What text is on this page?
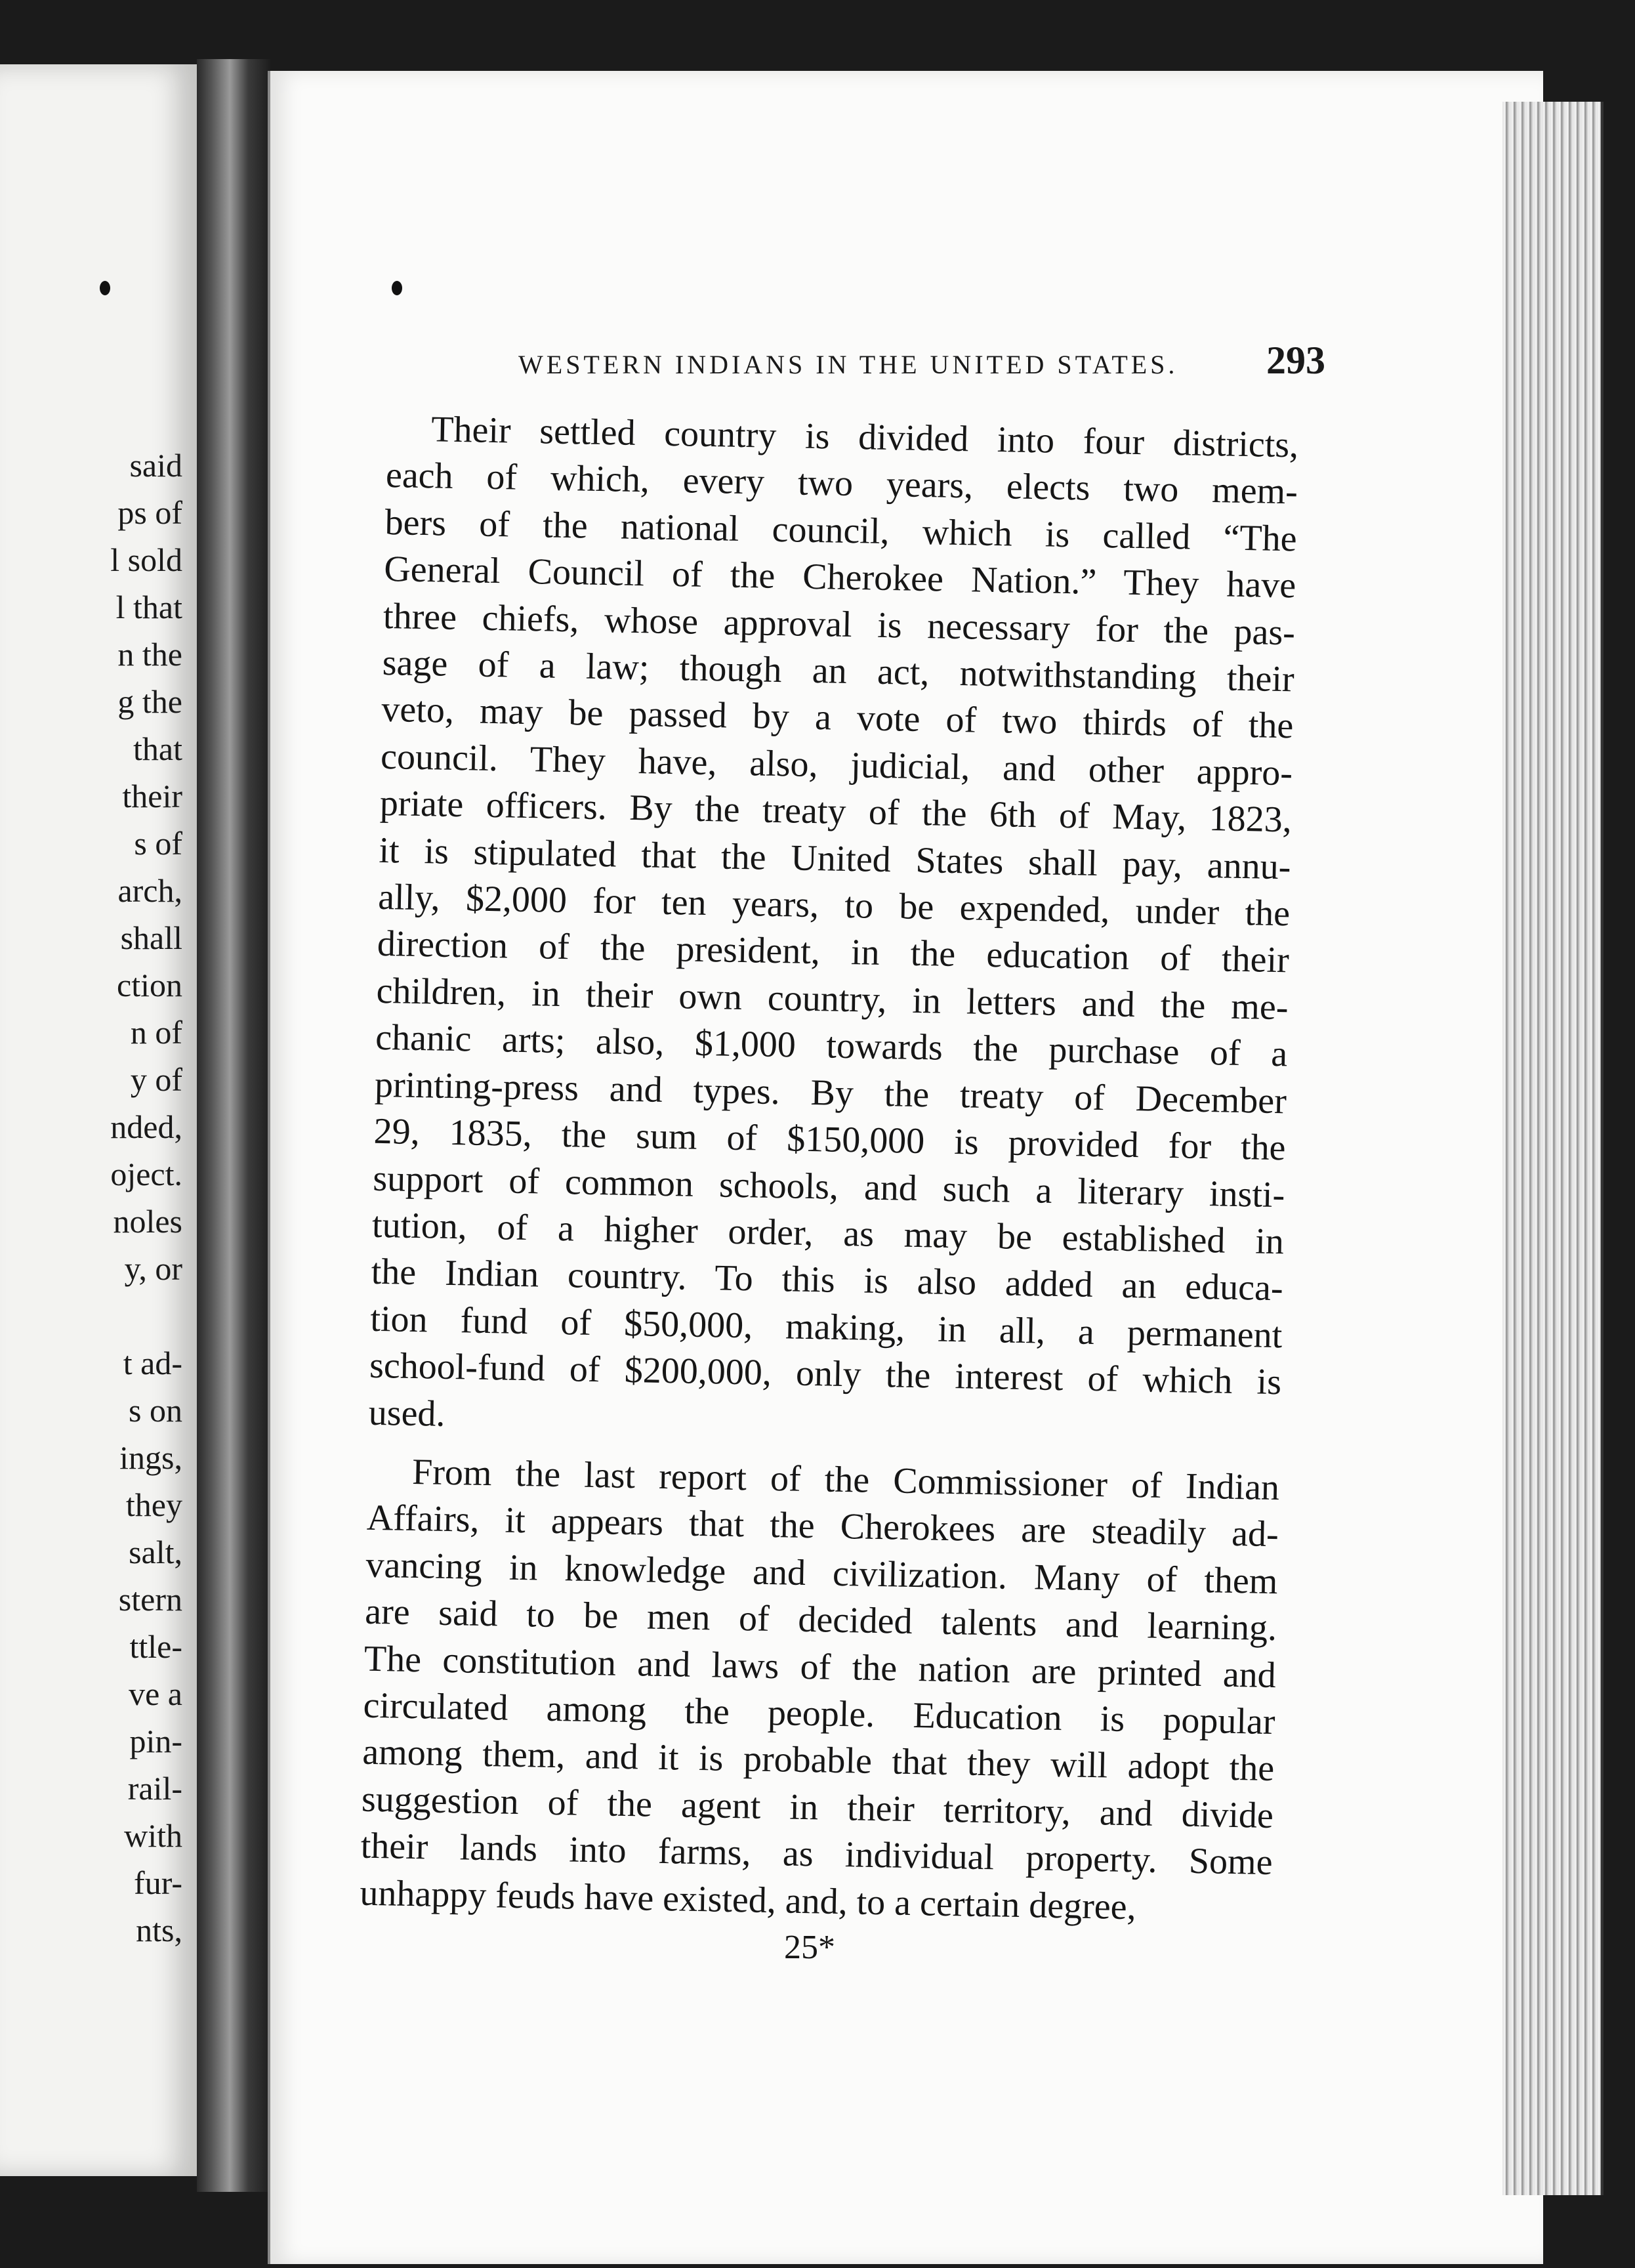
said
ps of
l sold
l that
n the
g the
that
their
s of
arch,
shall
ction
n of
y of
nded,
oject.
noles
y, or
t ad-
s on
ings,
they
salt,
stern
ttle-
ve a
pin-
rail-
with
fur-
nts,
WESTERN INDIANS IN THE UNITED STATES. 293
Their settled country is divided into four districts,
each of which, every two years, elects two mem-
bers of the national council, which is called “The
General Council of the Cherokee Nation.” They have
three chiefs, whose approval is necessary for the pas-
sage of a law; though an act, notwithstanding their
veto, may be passed by a vote of two thirds of the
council. They have, also, judicial, and other appro-
priate officers. By the treaty of the 6th of May, 1823,
it is stipulated that the United States shall pay, annu-
ally, $2,000 for ten years, to be expended, under the
direction of the president, in the education of their
children, in their own country, in letters and the me-
chanic arts; also, $1,000 towards the purchase of a
printing-press and types. By the treaty of December
29, 1835, the sum of $150,000 is provided for the
support of common schools, and such a literary insti-
tution, of a higher order, as may be established in
the Indian country. To this is also added an educa-
tion fund of $50,000, making, in all, a permanent
school-fund of $200,000, only the interest of which is
used.
From the last report of the Commissioner of Indian
Affairs, it appears that the Cherokees are steadily ad-
vancing in knowledge and civilization. Many of them
are said to be men of decided talents and learning.
The constitution and laws of the nation are printed and
circulated among the people. Education is popular
among them, and it is probable that they will adopt the
suggestion of the agent in their territory, and divide
their lands into farms, as individual property. Some
unhappy feuds have existed, and, to a certain degree,
25*
